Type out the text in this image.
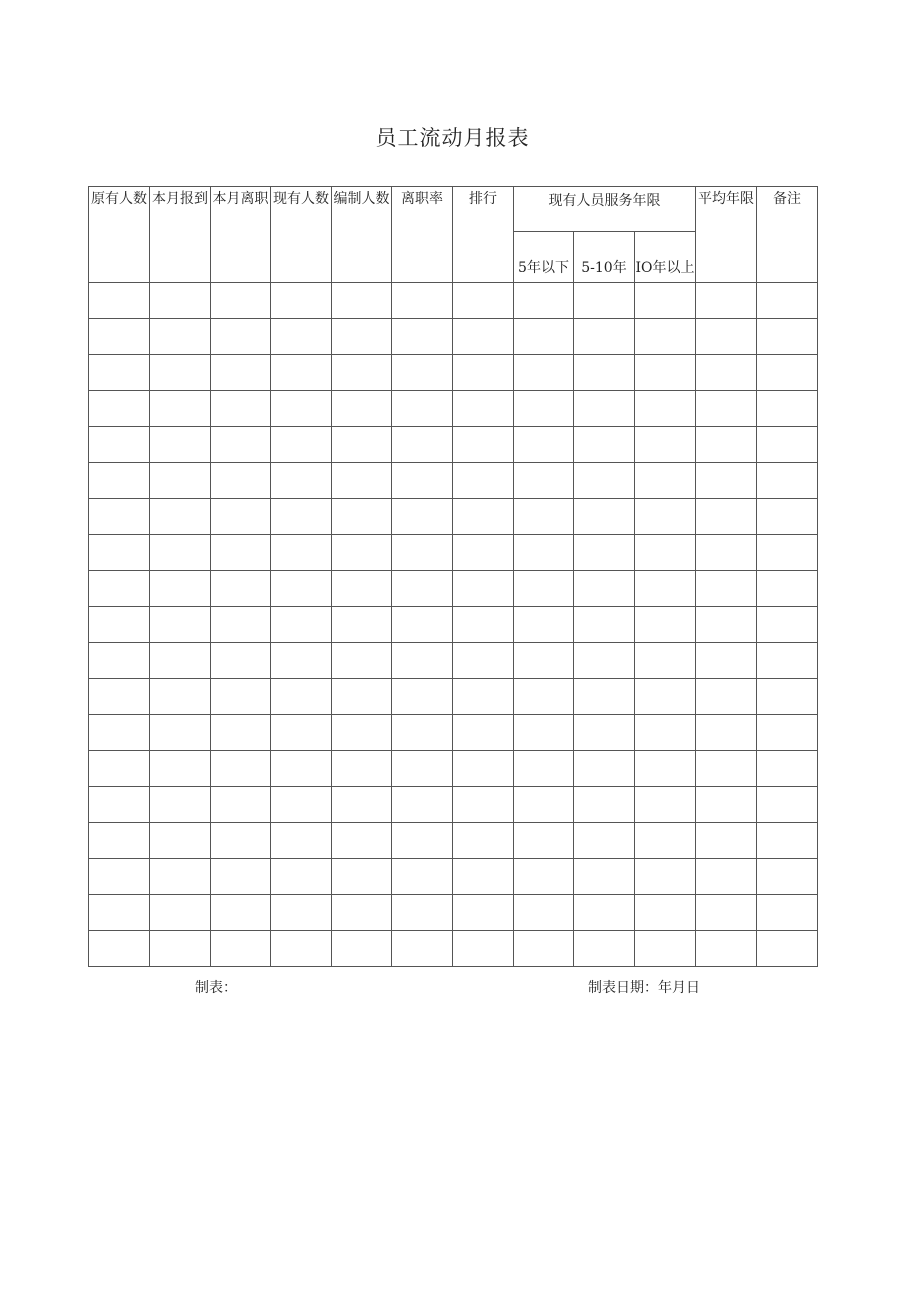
员工流动月报表
原有人数	本月报到	本月离职	现有人数	编制人数	离职率	排行	现有人员服务年限			平均年限	备注
							5年以下	5-10年	IO年以上		

制表：	制表日期：年月日
